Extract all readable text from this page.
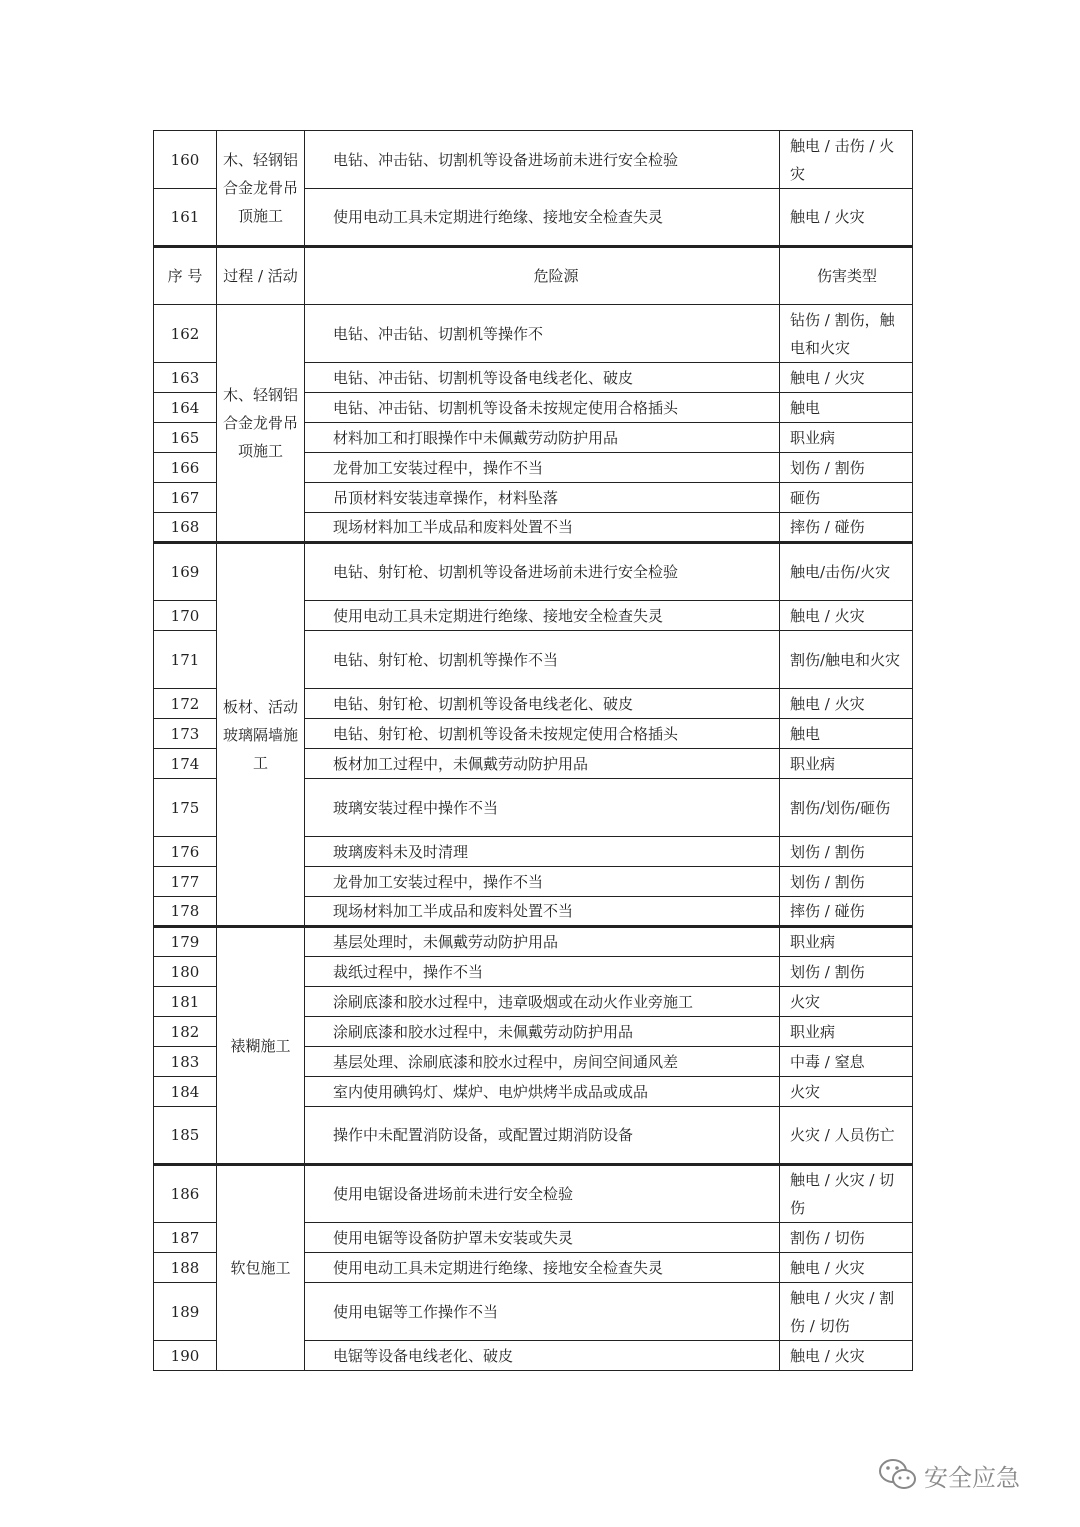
160	木、轻钢铝合金龙骨吊顶施工	电钻、冲击钻、切割机等设备进场前未进行安全检验	触电 / 击伤 / 火灾
161		使用电动工具未定期进行绝缘、接地安全检查失灵	触电 / 火灾
序 号	过程 / 活动	危险源	伤害类型
162	木、轻钢铝合金龙骨吊项施工	电钻、冲击钻、切割机等操作不	钻伤 / 割伤，触电和火灾
163		电钻、冲击钻、切割机等设备电线老化、破皮	触电 / 火灾
164		电钻、冲击钻、切割机等设备未按规定使用合格插头	触电
165		材料加工和打眼操作中未佩戴劳动防护用品	职业病
166		龙骨加工安装过程中，操作不当	划伤 / 割伤
167		吊顶材料安装违章操作，材料坠落	砸伤
168		现场材料加工半成品和废料处置不当	摔伤 / 碰伤
169	板材、活动玻璃隔墙施工	电钻、射钉枪、切割机等设备进场前未进行安全检验	触电/击伤/火灾
170		使用电动工具未定期进行绝缘、接地安全检查失灵	触电 / 火灾
171		电钻、射钉枪、切割机等操作不当	割伤/触电和火灾
172		电钻、射钉枪、切割机等设备电线老化、破皮	触电 / 火灾
173		电钻、射钉枪、切割机等设备未按规定使用合格插头	触电
174		板材加工过程中，未佩戴劳动防护用品	职业病
175		玻璃安装过程中操作不当	割伤/划伤/砸伤
176		玻璃废料未及时清理	划伤 / 割伤
177		龙骨加工安装过程中，操作不当	划伤 / 割伤
178		现场材料加工半成品和废料处置不当	摔伤 / 碰伤
179	裱糊施工	基层处理时，未佩戴劳动防护用品	职业病
180		裁纸过程中，操作不当	划伤 / 割伤
181		涂刷底漆和胶水过程中，违章吸烟或在动火作业旁施工	火灾
182		涂刷底漆和胶水过程中，未佩戴劳动防护用品	职业病
183		基层处理、涂刷底漆和胶水过程中，房间空间通风差	中毒 / 窒息
184		室内使用碘钨灯、煤炉、电炉烘烤半成品或成品	火灾
185		操作中未配置消防设备，或配置过期消防设备	火灾 / 人员伤亡
186	软包施工	使用电锯设备进场前未进行安全检验	触电 / 火灾 / 切伤
187		使用电锯等设备防护罩未安装或失灵	割伤 / 切伤
188		使用电动工具未定期进行绝缘、接地安全检查失灵	触电 / 火灾
189		使用电锯等工作操作不当	触电 / 火灾 / 割伤 / 切伤
190		电锯等设备电线老化、破皮	触电 / 火灾
安全应急
